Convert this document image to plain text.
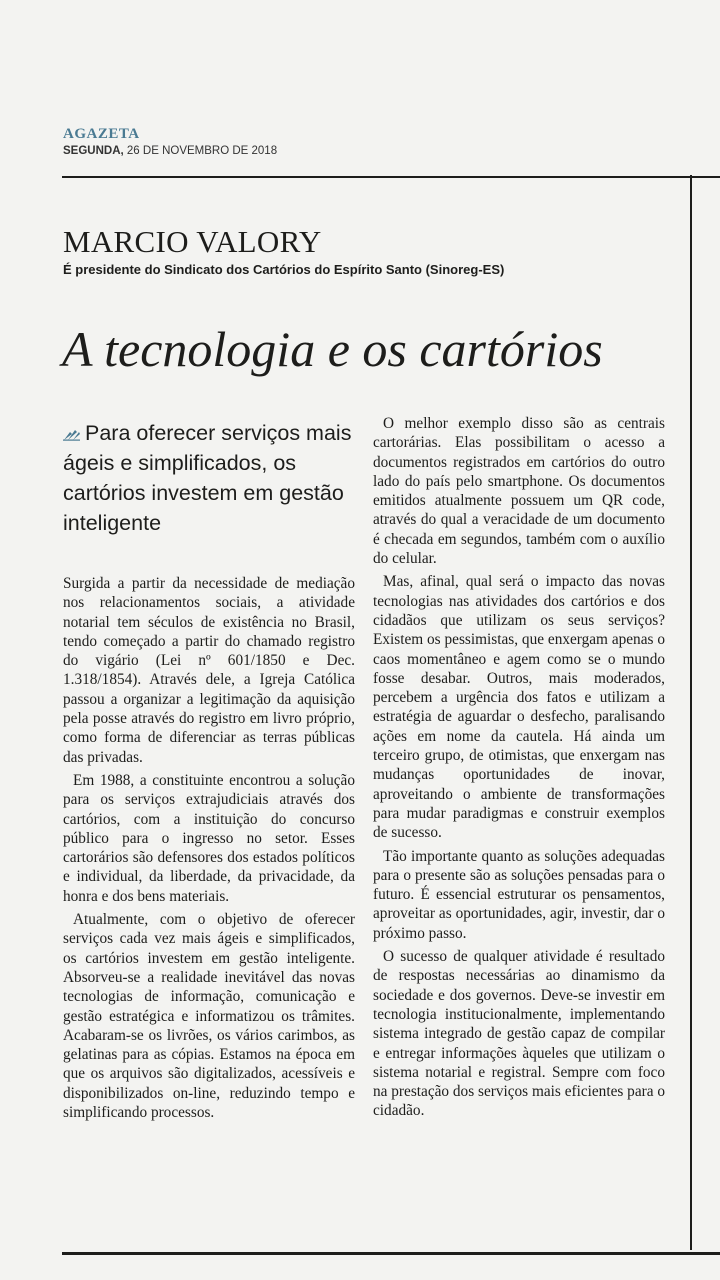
AGAZETA
SEGUNDA, 26 DE NOVEMBRO DE 2018
MARCIO VALORY
É presidente do Sindicato dos Cartórios do Espírito Santo (Sinoreg-ES)
A tecnologia e os cartórios
Para oferecer serviços mais ágeis e simplificados, os cartórios investem em gestão inteligente

Surgida a partir da necessidade de mediação nos relacionamentos sociais, a atividade notarial tem séculos de existência no Brasil, tendo começado a partir do chamado registro do vigário (Lei nº 601/1850 e Dec. 1.318/1854). Através dele, a Igreja Católica passou a organizar a legitimação da aquisição pela posse através do registro em livro próprio, como forma de diferenciar as terras públicas das privadas.

Em 1988, a constituinte encontrou a solução para os serviços extrajudiciais através dos cartórios, com a instituição do concurso público para o ingresso no setor. Esses cartorários são defensores dos estados políticos e individual, da liberdade, da privacidade, da honra e dos bens materiais.

Atualmente, com o objetivo de oferecer serviços cada vez mais ágeis e simplificados, os cartórios investem em gestão inteligente. Absorveu-se a realidade inevitável das novas tecnologias de informação, comunicação e gestão estratégica e informatizou os trâmites. Acabaram-se os livrões, os vários carimbos, as gelatinas para as cópias. Estamos na época em que os arquivos são digitalizados, acessíveis e disponibilizados on-line, reduzindo tempo e simplificando processos.

O melhor exemplo disso são as centrais cartorárias. Elas possibilitam o acesso a documentos registrados em cartórios do outro lado do país pelo smartphone. Os documentos emitidos atualmente possuem um QR code, através do qual a veracidade de um documento é checada em segundos, também com o auxílio do celular.

Mas, afinal, qual será o impacto das novas tecnologias nas atividades dos cartórios e dos cidadãos que utilizam os seus serviços? Existem os pessimistas, que enxergam apenas o caos momentâneo e agem como se o mundo fosse desabar. Outros, mais moderados, percebem a urgência dos fatos e utilizam a estratégia de aguardar o desfecho, paralisando ações em nome da cautela. Há ainda um terceiro grupo, de otimistas, que enxergam nas mudanças oportunidades de inovar, aproveitando o ambiente de transformações para mudar paradigmas e construir exemplos de sucesso.

Tão importante quanto as soluções adequadas para o presente são as soluções pensadas para o futuro. É essencial estruturar os pensamentos, aproveitar as oportunidades, agir, investir, dar o próximo passo.

O sucesso de qualquer atividade é resultado de respostas necessárias ao dinamismo da sociedade e dos governos. Deve-se investir em tecnologia institucionalmente, implementando sistema integrado de gestão capaz de compilar e entregar informações àqueles que utilizam o sistema notarial e registral. Sempre com foco na prestação dos serviços mais eficientes para o cidadão.
